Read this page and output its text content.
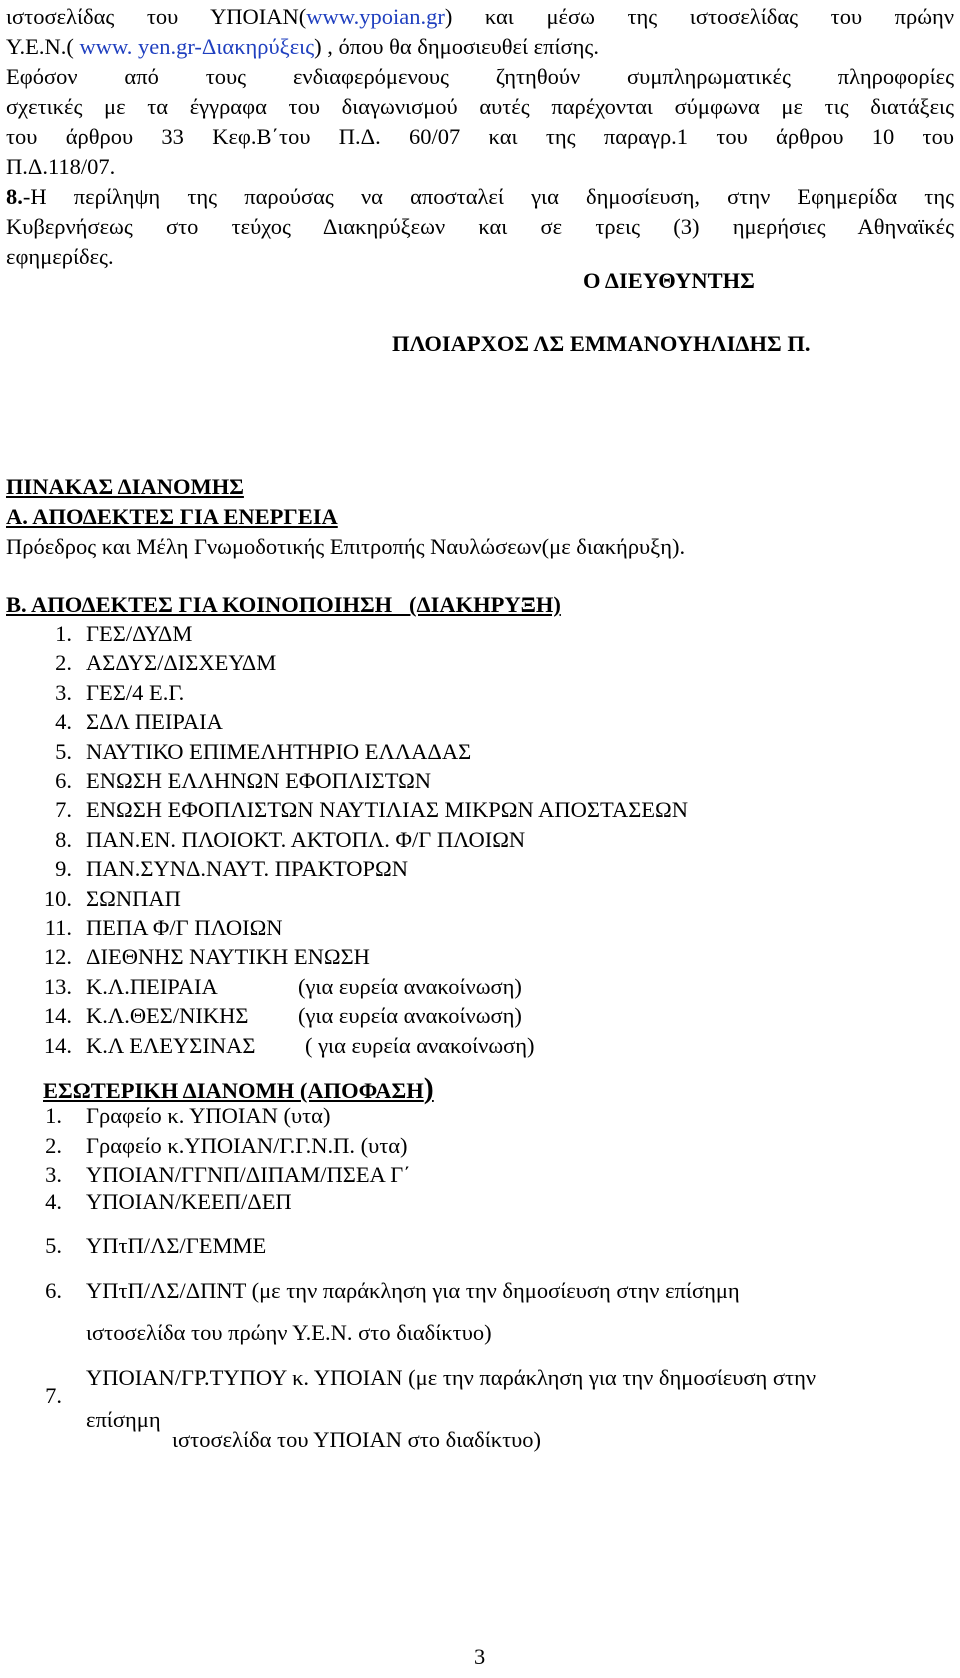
ιστοσελίδας του ΥΠΟΙΑΝ(www.ypoian.gr) και μέσω της ιστοσελίδας του πρώην
Υ.Ε.Ν.( www. yen.gr-Διακηρύξεις) , όπου θα δημοσιευθεί επίσης.
Εφόσον από τους ενδιαφερόμενους ζητηθούν συμπληρωματικές πληροφορίες
σχετικές με τα έγγραφα του διαγωνισμού αυτές παρέχονται σύμφωνα με τις διατάξεις
του άρθρου 33 Κεφ.Β΄του Π.Δ. 60/07 και της παραγρ.1 του άρθρου 10 του
Π.Δ.118/07.
8.-Η περίληψη της παρούσας να αποσταλεί για δημοσίευση, στην Εφημερίδα της
Κυβερνήσεως στο τεύχος Διακηρύξεων και σε τρεις (3) ημερήσιες Αθηναϊκές
εφημερίδες.
Ο ΔΙΕΥΘΥΝΤΗΣ
ΠΛΟΙΑΡΧΟΣ ΛΣ ΕΜΜΑΝΟΥΗΛΙΔΗΣ Π.
ΠΙΝΑΚΑΣ ΔΙΑΝΟΜΗΣ
Α. ΑΠΟΔΕΚΤΕΣ ΓΙΑ ΕΝΕΡΓΕΙΑ
Πρόεδρος και Μέλη Γνωμοδοτικής Επιτροπής Ναυλώσεων(με διακήρυξη).
Β. ΑΠΟΔΕΚΤΕΣ ΓΙΑ ΚΟΙΝΟΠΟΙΗΣΗ   (ΔΙΑΚΗΡΥΞΗ)
1. ΓΕΣ/ΔΥΔΜ
2. ΑΣΔΥΣ/ΔΙΣΧΕΥΔΜ
3. ΓΕΣ/4 Ε.Γ.
4. ΣΔΛ ΠΕΙΡΑΙΑ
5. ΝΑΥΤΙΚΟ ΕΠΙΜΕΛΗΤΗΡΙΟ ΕΛΛΑΔΑΣ
6. ΕΝΩΣΗ ΕΛΛΗΝΩΝ ΕΦΟΠΛΙΣΤΩΝ
7. ΕΝΩΣΗ ΕΦΟΠΛΙΣΤΩΝ ΝΑΥΤΙΛΙΑΣ ΜΙΚΡΩΝ ΑΠΟΣΤΑΣΕΩΝ
8. ΠΑΝ.ΕΝ. ΠΛΟΙΟΚΤ. ΑΚΤΟΠΛ. Φ/Γ ΠΛΟΙΩΝ
9. ΠΑΝ.ΣΥΝΔ.ΝΑΥΤ. ΠΡΑΚΤΟΡΩΝ
10. ΣΩΝΠΑΠ
11. ΠΕΠΑ Φ/Γ ΠΛΟΙΩΝ
12. ΔΙΕΘΝΗΣ ΝΑΥΤΙΚΗ ΕΝΩΣΗ
13. Κ.Λ.ΠΕΙΡΑΙΑ	(για ευρεία ανακοίνωση)
14. Κ.Λ.ΘΕΣ/ΝΙΚΗΣ (για ευρεία ανακοίνωση)
14. Κ.Λ ΕΛΕΥΣΙΝΑΣ ( για ευρεία ανακοίνωση)
ΕΣΩΤΕΡΙΚΗ ΔΙΑΝΟΜΗ (ΑΠΟΦΑΣΗ)
1. Γραφείο κ. ΥΠΟΙΑΝ (υτα)
2. Γραφείο κ.ΥΠΟΙΑΝ/Γ.Γ.Ν.Π. (υτα)
3. ΥΠΟΙΑΝ/ΓΓΝΠ/ΔΙΠΑΜ/ΠΣΕΑ Γ΄
4. ΥΠΟΙΑΝ/ΚΕΕΠ/ΔΕΠ
5. ΥΠτΠ/ΛΣ/ΓΕΜΜΕ
6. ΥΠτΠ/ΛΣ/ΔΠΝΤ (με την παράκληση για την δημοσίευση στην επίσημη
ιστοσελίδα του πρώην Υ.Ε.Ν. στο διαδίκτυο)
7.
ΥΠΟΙΑΝ/ΓΡ.ΤΥΠΟΥ κ. ΥΠΟΙΑΝ (με την παράκληση για την δημοσίευση στην
επίσημη
ιστοσελίδα του ΥΠΟΙΑΝ στο διαδίκτυο)
3
